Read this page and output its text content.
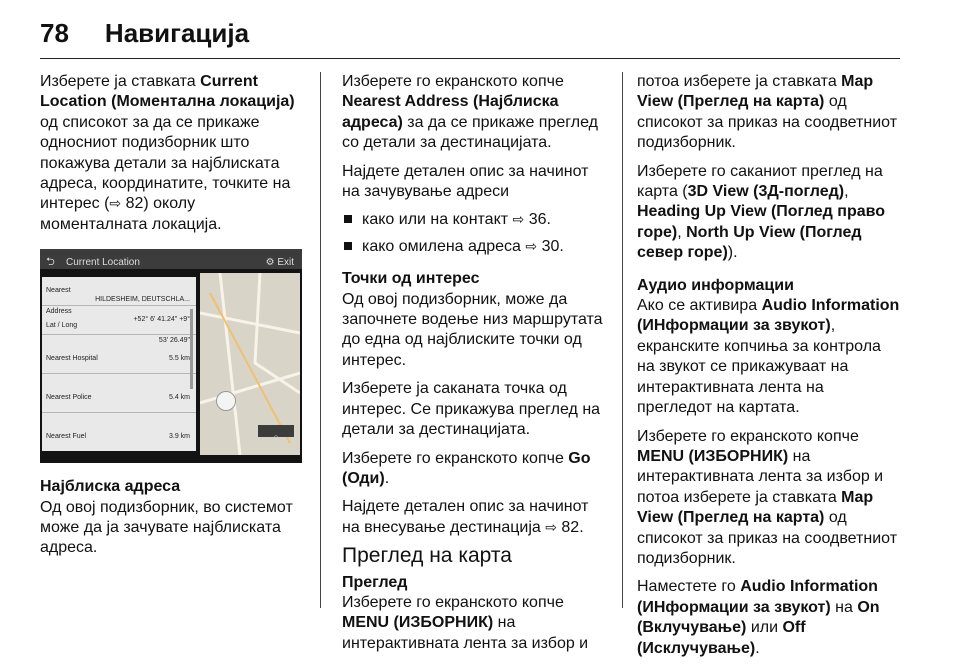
78 Навигација

Изберете ја ставката Current Location (Моментална локација) од списокот за да се прикаже односниот подизборник што покажува детали за најблиската адреса, координатите, точките на интерес (⇨ 82) околу моменталната локација.

⮌ Current Location	⚙ Exit
Nearest Address
HILDESHEIM, DEUTSCHLA...
Lat / Long
+52° 6' 41.24" +9° 53' 26.49"
Nearest Hospital	5.5 km
Nearest Police	5.4 km
Nearest Fuel	3.9 km	︿
Најблиска адреса

Од овој подизборник, во системот може да ја зачувате најблиската адреса.

Изберете го екранското копче Nearest Address (Најблиска адреса) за да се прикаже преглед со детали за дестинацијата.

Најдете детален опис за начинот на зачувување адреси

како или на контакт ⇨ 36.
како омилена адреса ⇨ 30.
Точки од интерес

Од овој подизборник, може да започнете водење низ маршрутата до една од најблиските точки од интерес.

Изберете ја саканата точка од интерес. Се прикажува преглед на детали за дестинацијата.

Изберете го екранското копче Go (Оди).

Најдете детален опис за начинот на внесување дестинација ⇨ 82.

Преглед на карта
Преглед

Изберете го екранското копче MENU (ИЗБОРНИК) на интерактивната лента за избор и

потоа изберете ја ставката Map View (Преглед на карта) од списокот за приказ на соодветниот подизборник.

Изберете го саканиот преглед на карта (3D View (3Д-поглед), Heading Up View (Поглед право горе), North Up View (Поглед север горе)).

Аудио информации

Ако се активира Audio Information (ИНформации за звукот), екранските копчиња за контрола на звукот се прикажуваат на интерактивната лента на прегледот на картата.

Изберете го екранското копче MENU (ИЗБОРНИК) на интерактивната лента за избор и потоа изберете ја ставката Map View (Преглед на карта) од списокот за приказ на соодветниот подизборник.

Наместете го Audio Information (ИНформации за звукот) на On (Вклучување) или Off (Исклучување).
